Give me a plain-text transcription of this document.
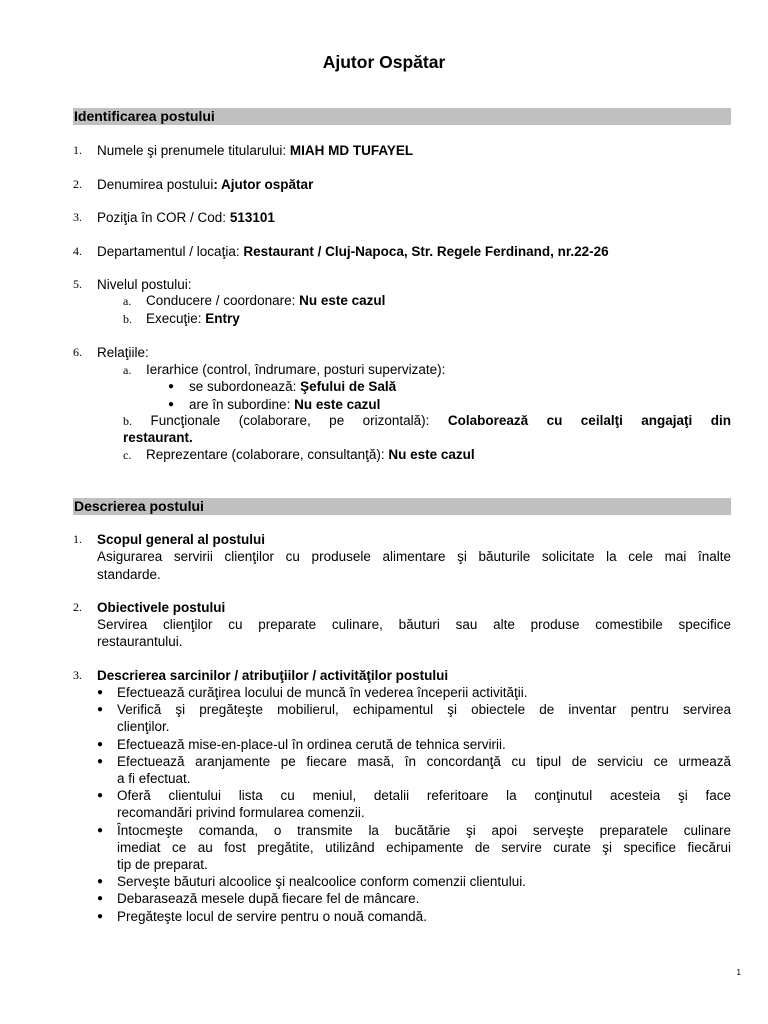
Ajutor Ospătar
Identificarea postului
1.	Numele şi prenumele titularului: MIAH MD TUFAYEL
2.	Denumirea postului: Ajutor ospătar
3.	Poziţia în COR / Cod: 513101
4.	Departamentul / locaţia: Restaurant / Cluj-Napoca, Str. Regele Ferdinand, nr.22-26
5.	Nivelul postului:
a. Conducere / coordonare: Nu este cazul
b. Execuţie: Entry
6.	Relaţiile:
a. Ierarhice (control, îndrumare, posturi supervizate):
● se subordonează: Şefului de Sală
● are în subordine: Nu este cazul
b. Funcţionale (colaborare, pe orizontală): Colaborează cu ceilalţi angajaţi din
restaurant.
c. Reprezentare (colaborare, consultanţă): Nu este cazul
Descrierea postului
1.	Scopul general al postului
Asigurarea servirii clienţilor cu produsele alimentare şi băuturile solicitate la cele mai înalte
standarde.
2.	Obiectivele postului
Servirea clienţilor cu preparate culinare, băuturi sau alte produse comestibile specifice
restaurantului.
3.	Descrierea sarcinilor / atribuţiilor / activităţilor postului
● Efectuează curăţirea locului de muncă în vederea începerii activităţii.
● Verifică şi pregăteşte mobilierul, echipamentul şi obiectele de inventar pentru servirea
clienţilor.
● Efectuează mise-en-place-ul în ordinea cerută de tehnica servirii.
● Efectuează aranjamente pe fiecare masă, în concordanţă cu tipul de serviciu ce urmează
a fi efectuat.
● Oferă clientului lista cu meniul, detalii referitoare la conţinutul acesteia şi face
recomandări privind formularea comenzii.
● Întocmeşte comanda, o transmite la bucătărie şi apoi serveşte preparatele culinare
imediat ce au fost pregătite, utilizând echipamente de servire curate şi specifice fiecărui
tip de preparat.
● Serveşte băuturi alcoolice şi nealcoolice conform comenzii clientului.
● Debarasează mesele după fiecare fel de mâncare.
● Pregăteşte locul de servire pentru o nouă comandă.
1
